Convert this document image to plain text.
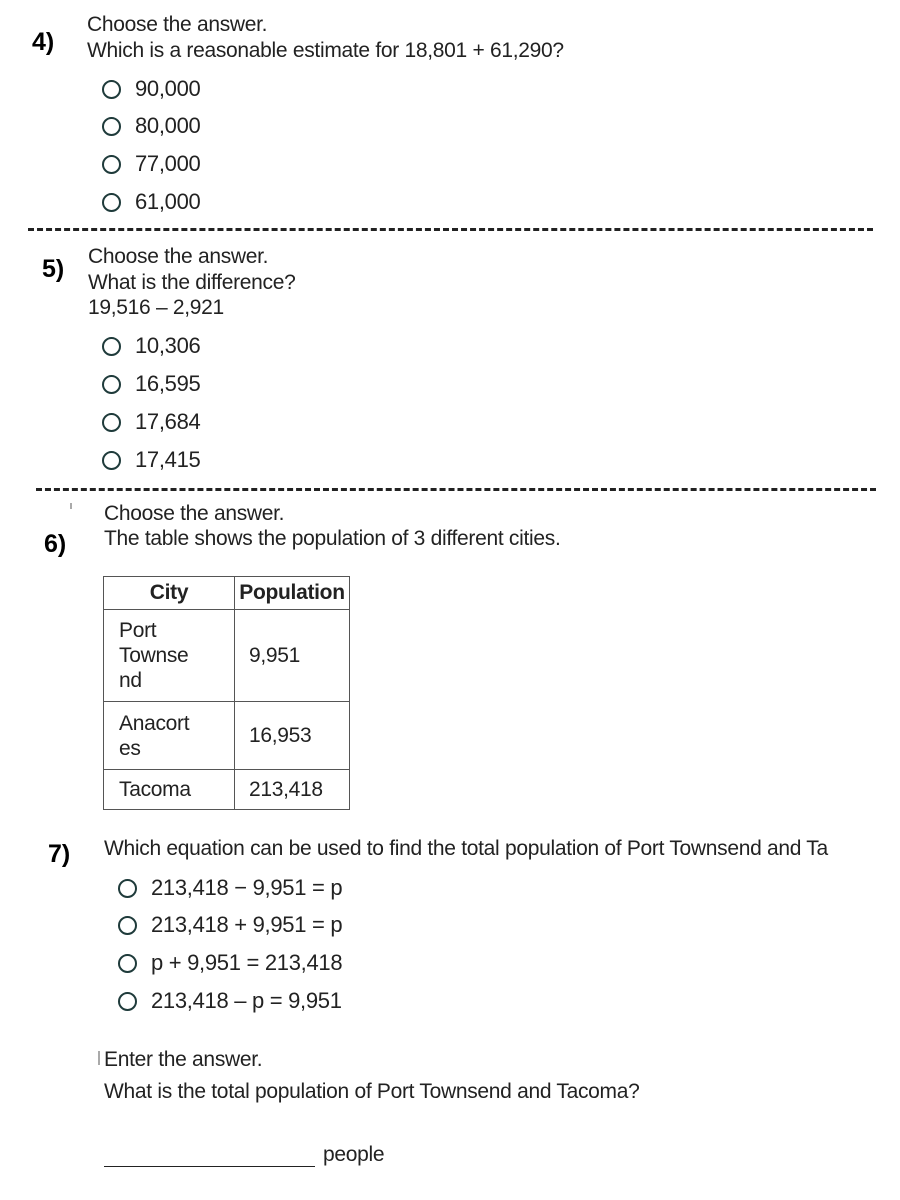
4)
Choose the answer.
Which is a reasonable estimate for 18,801 + 61,290?
90,000
80,000
77,000
61,000
5) Choose the answer.
What is the difference?
19,516 – 2,921
10,306
16,595
17,684
17,415
Choose the answer.
6) The table shows the population of 3 different cities.
City	Population

Port
Townse
nd	9,951

Anacort
es	16,953

Tacoma	213,418
7) Which equation can be used to find the total population of Port Townsend and Ta
213,418 − 9,951 = p
213,418 + 9,951 = p
p + 9,951 = 213,418
213,418 – p = 9,951
Enter the answer.
What is the total population of Port Townsend and Tacoma?
people
